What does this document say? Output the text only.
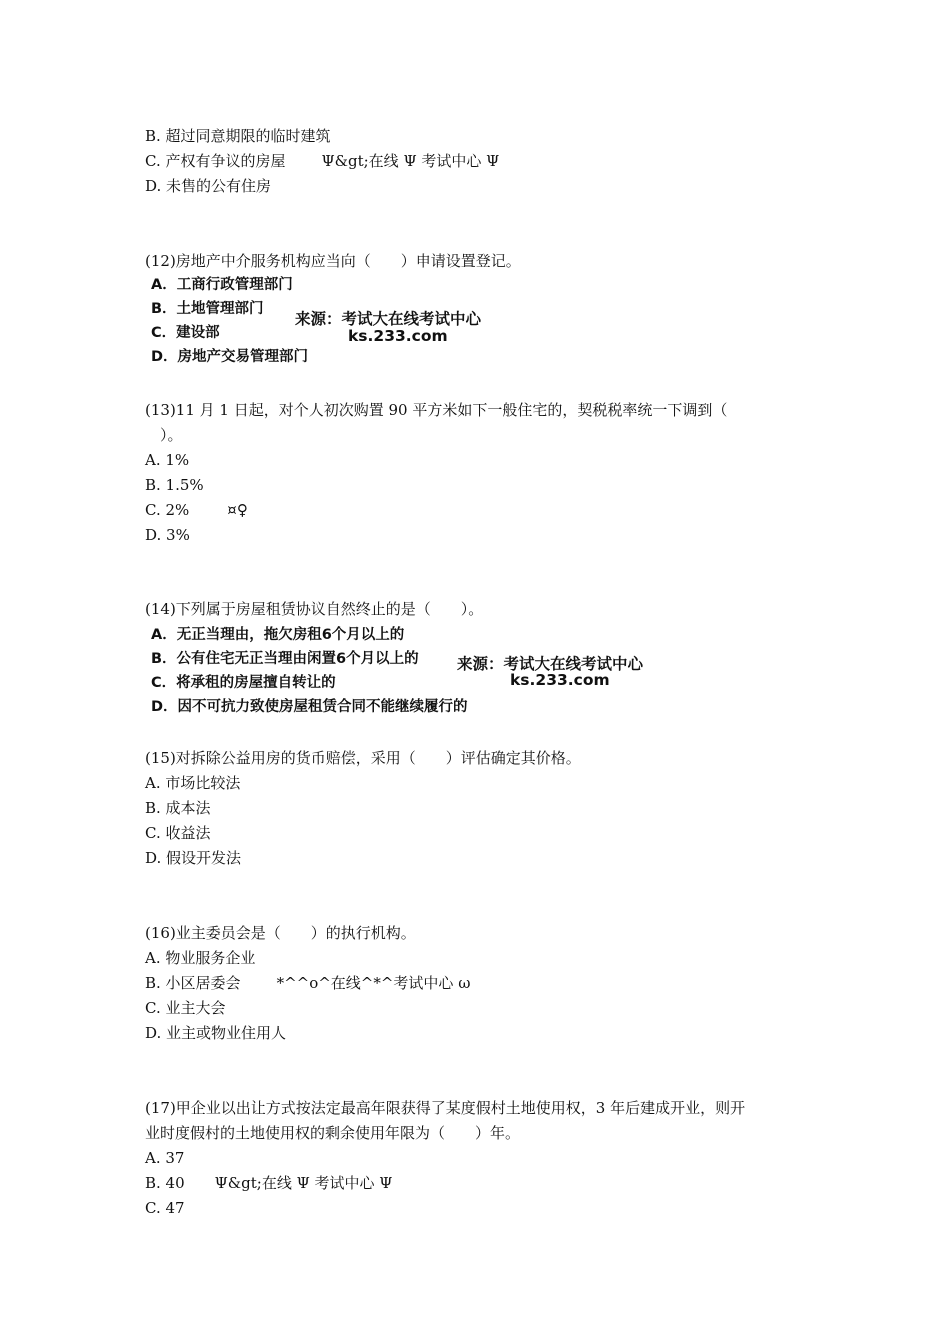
B. 超过同意期限的临时建筑
C. 产权有争议的房屋 Ψ&gt;在线 Ψ 考试中心 Ψ
D. 未售的公有住房
(12)房地产中介服务机构应当向（　　）申请设置登记。
A．工商行政管理部门
B．土地管理部门
C．建设部
D．房地产交易管理部门
来源：考试大在线考试中心
ks.233.com
(13)11 月 1 日起，对个人初次购置 90 平方米如下一般住宅的，契税税率统一下调到（
）。
A. 1%
B. 1.5%
C. 2%	¤♀
D. 3%
(14)下列属于房屋租赁协议自然终止的是（　　）。
A．无正当理由，拖欠房租6个月以上的
B．公有住宅无正当理由闲置6个月以上的
C．将承租的房屋擅自转让的
D．因不可抗力致使房屋租赁合同不能继续履行的
来源：考试大在线考试中心
ks.233.com
(15)对拆除公益用房的货币赔偿，采用（　　）评估确定其价格。
A. 市场比较法
B. 成本法
C. 收益法
D. 假设开发法
(16)业主委员会是（　　）的执行机构。
A. 物业服务企业
B. 小区居委会 *^^o^在线^*^考试中心 ω
C. 业主大会
D. 业主或物业住用人
(17)甲企业以出让方式按法定最高年限获得了某度假村土地使用权，3 年后建成开业，则开
业时度假村的土地使用权的剩余使用年限为（　　）年。
A. 37
B. 40 Ψ&gt;在线 Ψ 考试中心 Ψ
C. 47
